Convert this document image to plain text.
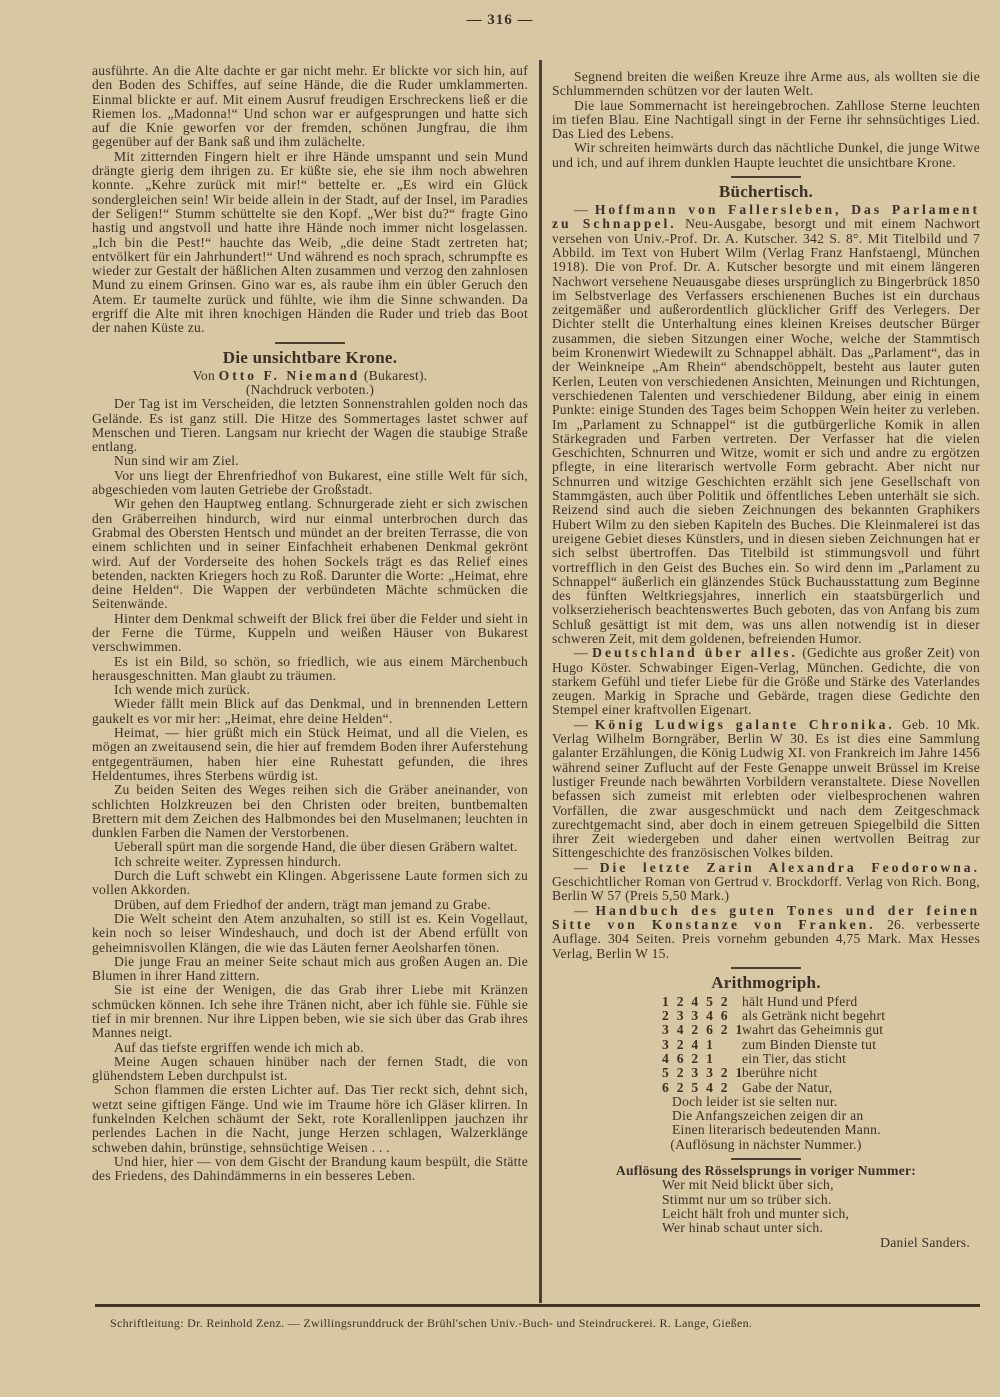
— 316 —

ausführte. An die Alte dachte er gar nicht mehr. Er blickte vor sich hin, auf den Boden des Schiffes, auf seine Hände, die die Ruder umklammerten. Einmal blickte er auf. Mit einem Ausruf freudigen Erschreckens ließ er die Riemen los. „Madonna!“ Und schon war er aufgesprungen und hatte sich auf die Knie geworfen vor der fremden, schönen Jungfrau, die ihm gegenüber auf der Bank saß und ihm zulächelte.

Mit zitternden Fingern hielt er ihre Hände umspannt und sein Mund drängte gierig dem ihrigen zu. Er küßte sie, ehe sie ihm noch abwehren konnte. „Kehre zurück mit mir!“ bettelte er. „Es wird ein Glück sondergleichen sein! Wir beide allein in der Stadt, auf der Insel, im Paradies der Seligen!“ Stumm schüttelte sie den Kopf. „Wer bist du?“ fragte Gino hastig und angstvoll und hatte ihre Hände noch immer nicht losgelassen. „Ich bin die Pest!“ hauchte das Weib, „die deine Stadt zertreten hat; entvölkert für ein Jahrhundert!“ Und während es noch sprach, schrumpfte es wieder zur Gestalt der häßlichen Alten zusammen und verzog den zahnlosen Mund zu einem Grinsen. Gino war es, als raube ihm ein übler Geruch den Atem. Er taumelte zurück und fühlte, wie ihm die Sinne schwanden. Da ergriff die Alte mit ihren knochigen Händen die Ruder und trieb das Boot der nahen Küste zu.

Die unsichtbare Krone.

Von Otto F. Niemand (Bukarest).

(Nachdruck verboten.)

Der Tag ist im Verscheiden, die letzten Sonnenstrahlen golden noch das Gelände. Es ist ganz still. Die Hitze des Sommertages lastet schwer auf Menschen und Tieren. Langsam nur kriecht der Wagen die staubige Straße entlang.

Nun sind wir am Ziel.

Vor uns liegt der Ehrenfriedhof von Bukarest, eine stille Welt für sich, abgeschieden vom lauten Getriebe der Großstadt.

Wir gehen den Hauptweg entlang. Schnurgerade zieht er sich zwischen den Gräberreihen hindurch, wird nur einmal unterbrochen durch das Grabmal des Obersten Hentsch und mündet an der breiten Terrasse, die von einem schlichten und in seiner Einfachheit erhabenen Denkmal gekrönt wird. Auf der Vorderseite des hohen Sockels trägt es das Relief eines betenden, nackten Kriegers hoch zu Roß. Darunter die Worte: „Heimat, ehre deine Helden“. Die Wappen der verbündeten Mächte schmücken die Seitenwände.

Hinter dem Denkmal schweift der Blick frei über die Felder und sieht in der Ferne die Türme, Kuppeln und weißen Häuser von Bukarest verschwimmen.

Es ist ein Bild, so schön, so friedlich, wie aus einem Märchenbuch herausgeschnitten. Man glaubt zu träumen.

Ich wende mich zurück.

Wieder fällt mein Blick auf das Denkmal, und in brennenden Lettern gaukelt es vor mir her: „Heimat, ehre deine Helden“.

Heimat, — hier grüßt mich ein Stück Heimat, und all die Vielen, es mögen an zweitausend sein, die hier auf fremdem Boden ihrer Auferstehung entgegenträumen, haben hier eine Ruhestatt gefunden, die ihres Heldentumes, ihres Sterbens würdig ist.

Zu beiden Seiten des Weges reihen sich die Gräber aneinander, von schlichten Holzkreuzen bei den Christen oder breiten, buntbemalten Brettern mit dem Zeichen des Halbmondes bei den Muselmanen; leuchten in dunklen Farben die Namen der Verstorbenen.

Ueberall spürt man die sorgende Hand, die über diesen Gräbern waltet.

Ich schreite weiter. Zypressen hindurch.

Durch die Luft schwebt ein Klingen. Abgerissene Laute formen sich zu vollen Akkorden.

Drüben, auf dem Friedhof der andern, trägt man jemand zu Grabe.

Die Welt scheint den Atem anzuhalten, so still ist es. Kein Vogellaut, kein noch so leiser Windeshauch, und doch ist der Abend erfüllt von geheimnisvollen Klängen, die wie das Läuten ferner Aeolsharfen tönen.

Die junge Frau an meiner Seite schaut mich aus großen Augen an. Die Blumen in ihrer Hand zittern.

Sie ist eine der Wenigen, die das Grab ihrer Liebe mit Kränzen schmücken können. Ich sehe ihre Tränen nicht, aber ich fühle sie. Fühle sie tief in mir brennen. Nur ihre Lippen beben, wie sie sich über das Grab ihres Mannes neigt.

Auf das tiefste ergriffen wende ich mich ab.

Meine Augen schauen hinüber nach der fernen Stadt, die von glühendstem Leben durchpulst ist.

Schon flammen die ersten Lichter auf. Das Tier reckt sich, dehnt sich, wetzt seine giftigen Fänge. Und wie im Traume höre ich Gläser klirren. In funkelnden Kelchen schäumt der Sekt, rote Korallenlippen jauchzen ihr perlendes Lachen in die Nacht, junge Herzen schlagen, Walzerklänge schweben dahin, brünstige, sehnsüchtige Weisen . . .

Und hier, hier — von dem Gischt der Brandung kaum bespült, die Stätte des Friedens, des Dahindämmerns in ein besseres Leben.

Segnend breiten die weißen Kreuze ihre Arme aus, als wollten sie die Schlummernden schützen vor der lauten Welt.

Die laue Sommernacht ist hereingebrochen. Zahllose Sterne leuchten im tiefen Blau. Eine Nachtigall singt in der Ferne ihr sehnsüchtiges Lied. Das Lied des Lebens.

Wir schreiten heimwärts durch das nächtliche Dunkel, die junge Witwe und ich, und auf ihrem dunklen Haupte leuchtet die unsichtbare Krone.

Büchertisch.

— Hoffmann von Fallersleben, Das Parlament zu Schnappel. Neu-Ausgabe, besorgt und mit einem Nachwort versehen von Univ.-Prof. Dr. A. Kutscher. 342 S. 8°. Mit Titelbild und 7 Abbild. im Text von Hubert Wilm (Verlag Franz Hanfstaengl, München 1918). Die von Prof. Dr. A. Kutscher besorgte und mit einem längeren Nachwort versehene Neuausgabe dieses ursprünglich zu Bingerbrück 1850 im Selbstverlage des Verfassers erschienenen Buches ist ein durchaus zeitgemäßer und außerordentlich glücklicher Griff des Verlegers. Der Dichter stellt die Unterhaltung eines kleinen Kreises deutscher Bürger zusammen, die sieben Sitzungen einer Woche, welche der Stammtisch beim Kronenwirt Wiedewilt zu Schnappel abhält. Das „Parlament“, das in der Weinkneipe „Am Rhein“ abendschöppelt, besteht aus lauter guten Kerlen, Leuten von verschiedenen Ansichten, Meinungen und Richtungen, verschiedenen Talenten und verschiedener Bildung, aber einig in einem Punkte: einige Stunden des Tages beim Schoppen Wein heiter zu verleben. Im „Parlament zu Schnappel“ ist die gutbürgerliche Komik in allen Stärkegraden und Farben vertreten. Der Verfasser hat die vielen Geschichten, Schnurren und Witze, womit er sich und andre zu ergötzen pflegte, in eine literarisch wertvolle Form gebracht. Aber nicht nur Schnurren und witzige Geschichten erzählt sich jene Gesellschaft von Stammgästen, auch über Politik und öffentliches Leben unterhält sie sich. Reizend sind auch die sieben Zeichnungen des bekannten Graphikers Hubert Wilm zu den sieben Kapiteln des Buches. Die Kleinmalerei ist das ureigene Gebiet dieses Künstlers, und in diesen sieben Zeichnungen hat er sich selbst übertroffen. Das Titelbild ist stimmungsvoll und führt vortrefflich in den Geist des Buches ein. So wird denn im „Parlament zu Schnappel“ äußerlich ein glänzendes Stück Buchausstattung zum Beginne des fünften Weltkriegsjahres, innerlich ein staatsbürgerlich und volkserzieherisch beachtenswertes Buch geboten, das von Anfang bis zum Schluß gesättigt ist mit dem, was uns allen notwendig ist in dieser schweren Zeit, mit dem goldenen, befreienden Humor.

— Deutschland über alles. (Gedichte aus großer Zeit) von Hugo Köster. Schwabinger Eigen-Verlag, München. Gedichte, die von starkem Gefühl und tiefer Liebe für die Größe und Stärke des Vaterlandes zeugen. Markig in Sprache und Gebärde, tragen diese Gedichte den Stempel einer kraftvollen Eigenart.

— König Ludwigs galante Chronika. Geb. 10 Mk. Verlag Wilhelm Borngräber, Berlin W 30. Es ist dies eine Sammlung galanter Erzählungen, die König Ludwig XI. von Frankreich im Jahre 1456 während seiner Zuflucht auf der Feste Genappe unweit Brüssel im Kreise lustiger Freunde nach bewährten Vorbildern veranstaltete. Diese Novellen befassen sich zumeist mit erlebten oder vielbesprochenen wahren Vorfällen, die zwar ausgeschmückt und nach dem Zeitgeschmack zurechtgemacht sind, aber doch in einem getreuen Spiegelbild die Sitten ihrer Zeit wiedergeben und daher einen wertvollen Beitrag zur Sittengeschichte des französischen Volkes bilden.

— Die letzte Zarin Alexandra Feodorowna. Geschichtlicher Roman von Gertrud v. Brockdorff. Verlag von Rich. Bong, Berlin W 57 (Preis 5,50 Mark.)

— Handbuch des guten Tones und der feinen Sitte von Konstanze von Franken. 26. verbesserte Auflage. 304 Seiten. Preis vornehm gebunden 4,75 Mark. Max Hesses Verlag, Berlin W 15.

Arithmogriph.
1 2 4 5 2 hält Hund und Pferd
2 3 3 4 6 als Getränk nicht begehrt
3 4 2 6 2 1wahrt das Geheimnis gut
3 2 4 1 zum Binden Dienste tut
4 6 2 1 ein Tier, das sticht
5 2 3 3 2 1berühre nicht
6 2 5 4 2 Gabe der Natur,
Doch leider ist sie selten nur.
Die Anfangszeichen zeigen dir an
Einen literarisch bedeutenden Mann.

(Auflösung in nächster Nummer.)

Auflösung des Rösselsprungs in voriger Nummer:

Wer mit Neid blickt über sich,
Stimmt nur um so trüber sich.
Leicht hält froh und munter sich,
Wer hinab schaut unter sich.
Daniel Sanders.
Schriftleitung: Dr. Reinhold Zenz. — Zwillingsrunddruck der Brühl'schen Univ.-Buch- und Steindruckerei. R. Lange, Gießen.
